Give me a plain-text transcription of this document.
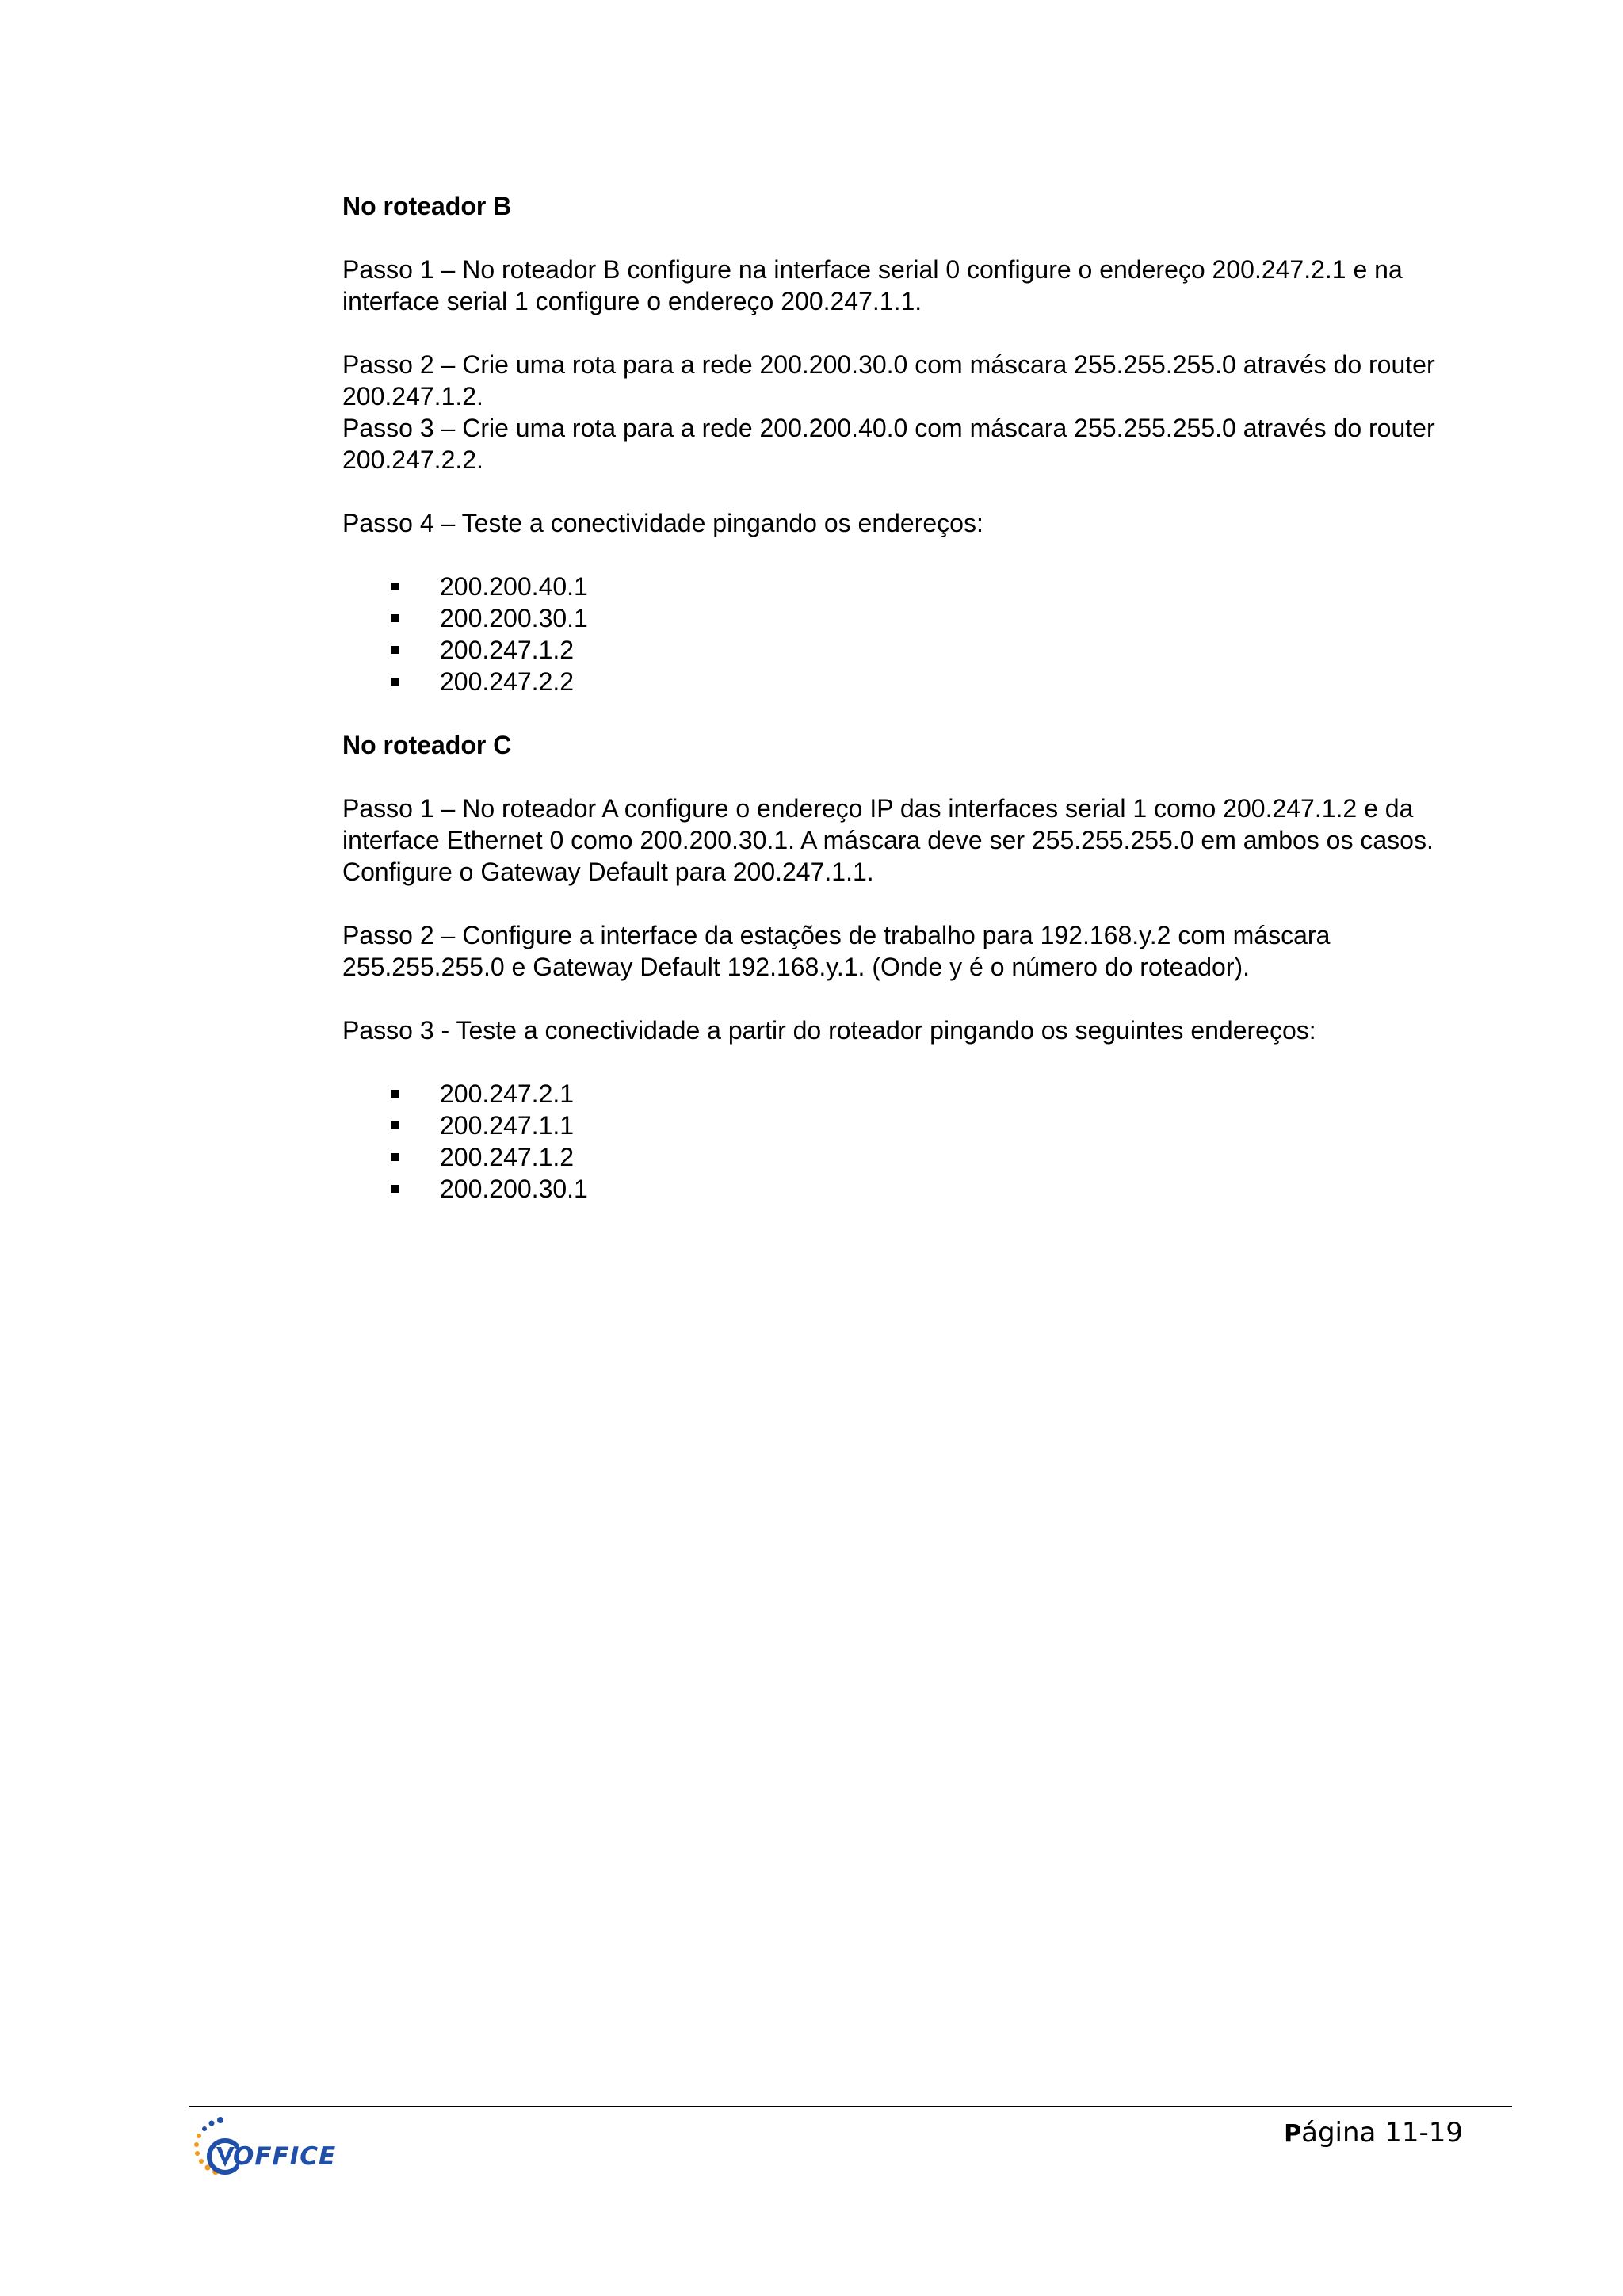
No roteador B

Passo 1 – No roteador B configure na interface serial 0 configure o endereço 200.247.2.1 e na interface serial 1 configure o endereço 200.247.1.1.

Passo 2 – Crie uma rota para a rede 200.200.30.0 com máscara 255.255.255.0 através do router 200.247.1.2.

Passo 3 – Crie uma rota para a rede 200.200.40.0 com máscara 255.255.255.0 através do router 200.247.2.2.

Passo 4 – Teste a conectividade pingando os endereços:

200.200.40.1
200.200.30.1
200.247.1.2
200.247.2.2

No roteador C

Passo 1 – No roteador A configure o endereço IP das interfaces serial 1 como 200.247.1.2 e da interface Ethernet 0 como 200.200.30.1. A máscara deve ser 255.255.255.0 em ambos os casos. Configure o Gateway Default para 200.247.1.1.

Passo 2 – Configure a interface da estações de trabalho para 192.168.y.2 com máscara 255.255.255.0 e Gateway Default 192.168.y.1. (Onde y é o número do roteador).

Passo 3 - Teste a conectividade a partir do roteador pingando os seguintes endereços:

200.247.2.1
200.247.1.1
200.247.1.2
200.200.30.1
OFFICE
Página 11-19
